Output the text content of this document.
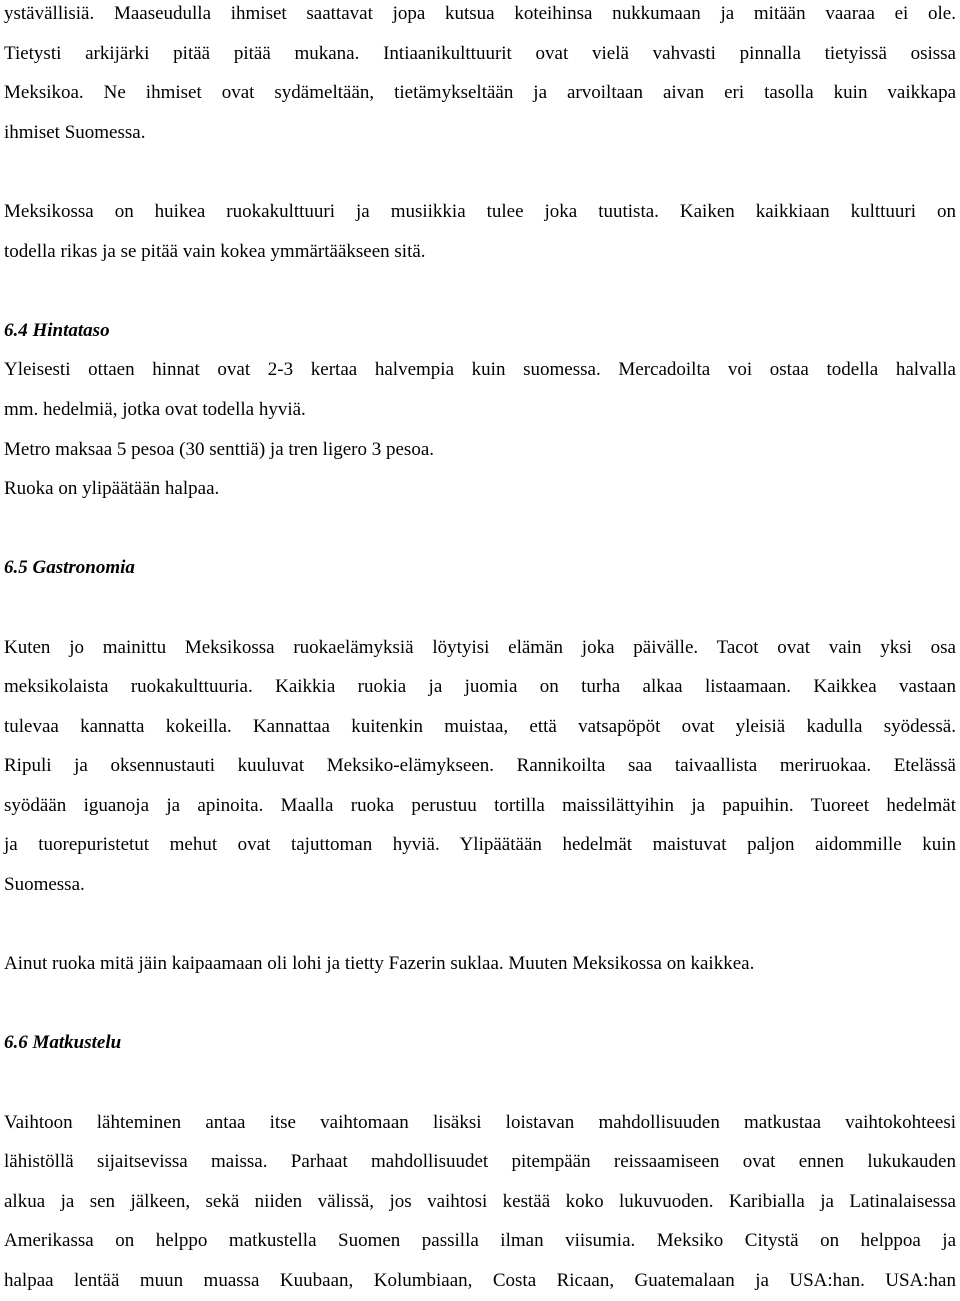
ystävällisiä. Maaseudulla ihmiset saattavat jopa kutsua koteihinsa nukkumaan ja mitään vaaraa ei ole.
Tietysti arkijärki pitää pitää mukana. Intiaanikulttuurit ovat vielä vahvasti pinnalla tietyissä osissa
Meksikoa. Ne ihmiset ovat sydämeltään, tietämykseltään ja arvoiltaan aivan eri tasolla kuin vaikkapa
ihmiset Suomessa.
Meksikossa on huikea ruokakulttuuri ja musiikkia tulee joka tuutista. Kaiken kaikkiaan kulttuuri on
todella rikas ja se pitää vain kokea ymmärtääkseen sitä.
6.4 Hintataso
Yleisesti ottaen hinnat ovat 2-3 kertaa halvempia kuin suomessa. Mercadoilta voi ostaa todella halvalla
mm. hedelmiä, jotka ovat todella hyviä.
Metro maksaa 5 pesoa (30 senttiä) ja tren ligero 3 pesoa.
Ruoka on ylipäätään halpaa.
6.5 Gastronomia
Kuten jo mainittu Meksikossa ruokaelämyksiä löytyisi elämän joka päivälle. Tacot ovat vain yksi osa
meksikolaista ruokakulttuuria. Kaikkia ruokia ja juomia on turha alkaa listaamaan. Kaikkea vastaan
tulevaa kannatta kokeilla. Kannattaa kuitenkin muistaa, että vatsapöpöt ovat yleisiä kadulla syödessä.
Ripuli ja oksennustauti kuuluvat Meksiko-elämykseen. Rannikoilta saa taivaallista meriruokaa. Etelässä
syödään iguanoja ja apinoita. Maalla ruoka perustuu tortilla maissilättyihin ja papuihin. Tuoreet hedelmät
ja tuorepuristetut mehut ovat tajuttoman hyviä. Ylipäätään hedelmät maistuvat paljon aidommille kuin
Suomessa.
Ainut ruoka mitä jäin kaipaamaan oli lohi ja tietty Fazerin suklaa. Muuten Meksikossa on kaikkea.
6.6 Matkustelu
Vaihtoon lähteminen antaa itse vaihtomaan lisäksi loistavan mahdollisuuden matkustaa vaihtokohteesi
lähistöllä sijaitsevissa maissa. Parhaat mahdollisuudet pitempään reissaamiseen ovat ennen lukukauden
alkua ja sen jälkeen, sekä niiden välissä, jos vaihtosi kestää koko lukuvuoden. Karibialla ja Latinalaisessa
Amerikassa on helppo matkustella Suomen passilla ilman viisumia. Meksiko Citystä on helppoa ja
halpaa lentää muun muassa Kuubaan, Kolumbiaan, Costa Ricaan, Guatemalaan ja USA:han. USA:han
